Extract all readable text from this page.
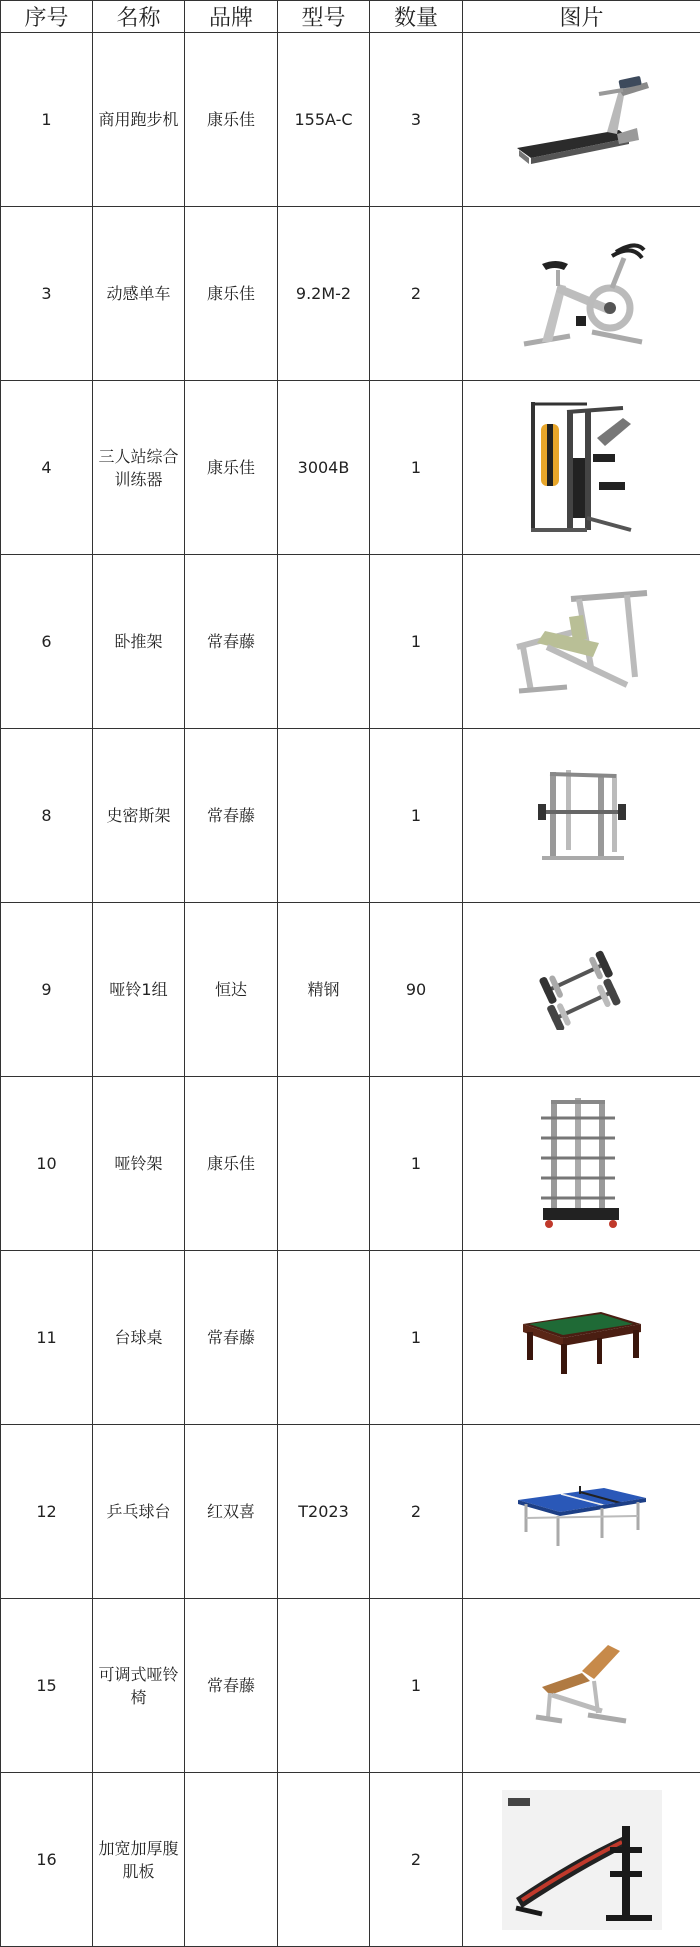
序号	名称	品牌	型号	数量	图片
1	商用跑步机	康乐佳	155A-C	3	

3	动感单车	康乐佳	9.2M-2	2	

4	三人站综合训练器	康乐佳	3004B	1	

6	卧推架	常春藤		1	

8	史密斯架	常春藤		1	

9	哑铃1组	恒达	精钢	90	

10	哑铃架	康乐佳		1	

11	台球桌	常春藤		1	

12	乒乓球台	红双喜	T2023	2	

15	可调式哑铃椅	常春藤		1	

16	加宽加厚腹肌板			2	
